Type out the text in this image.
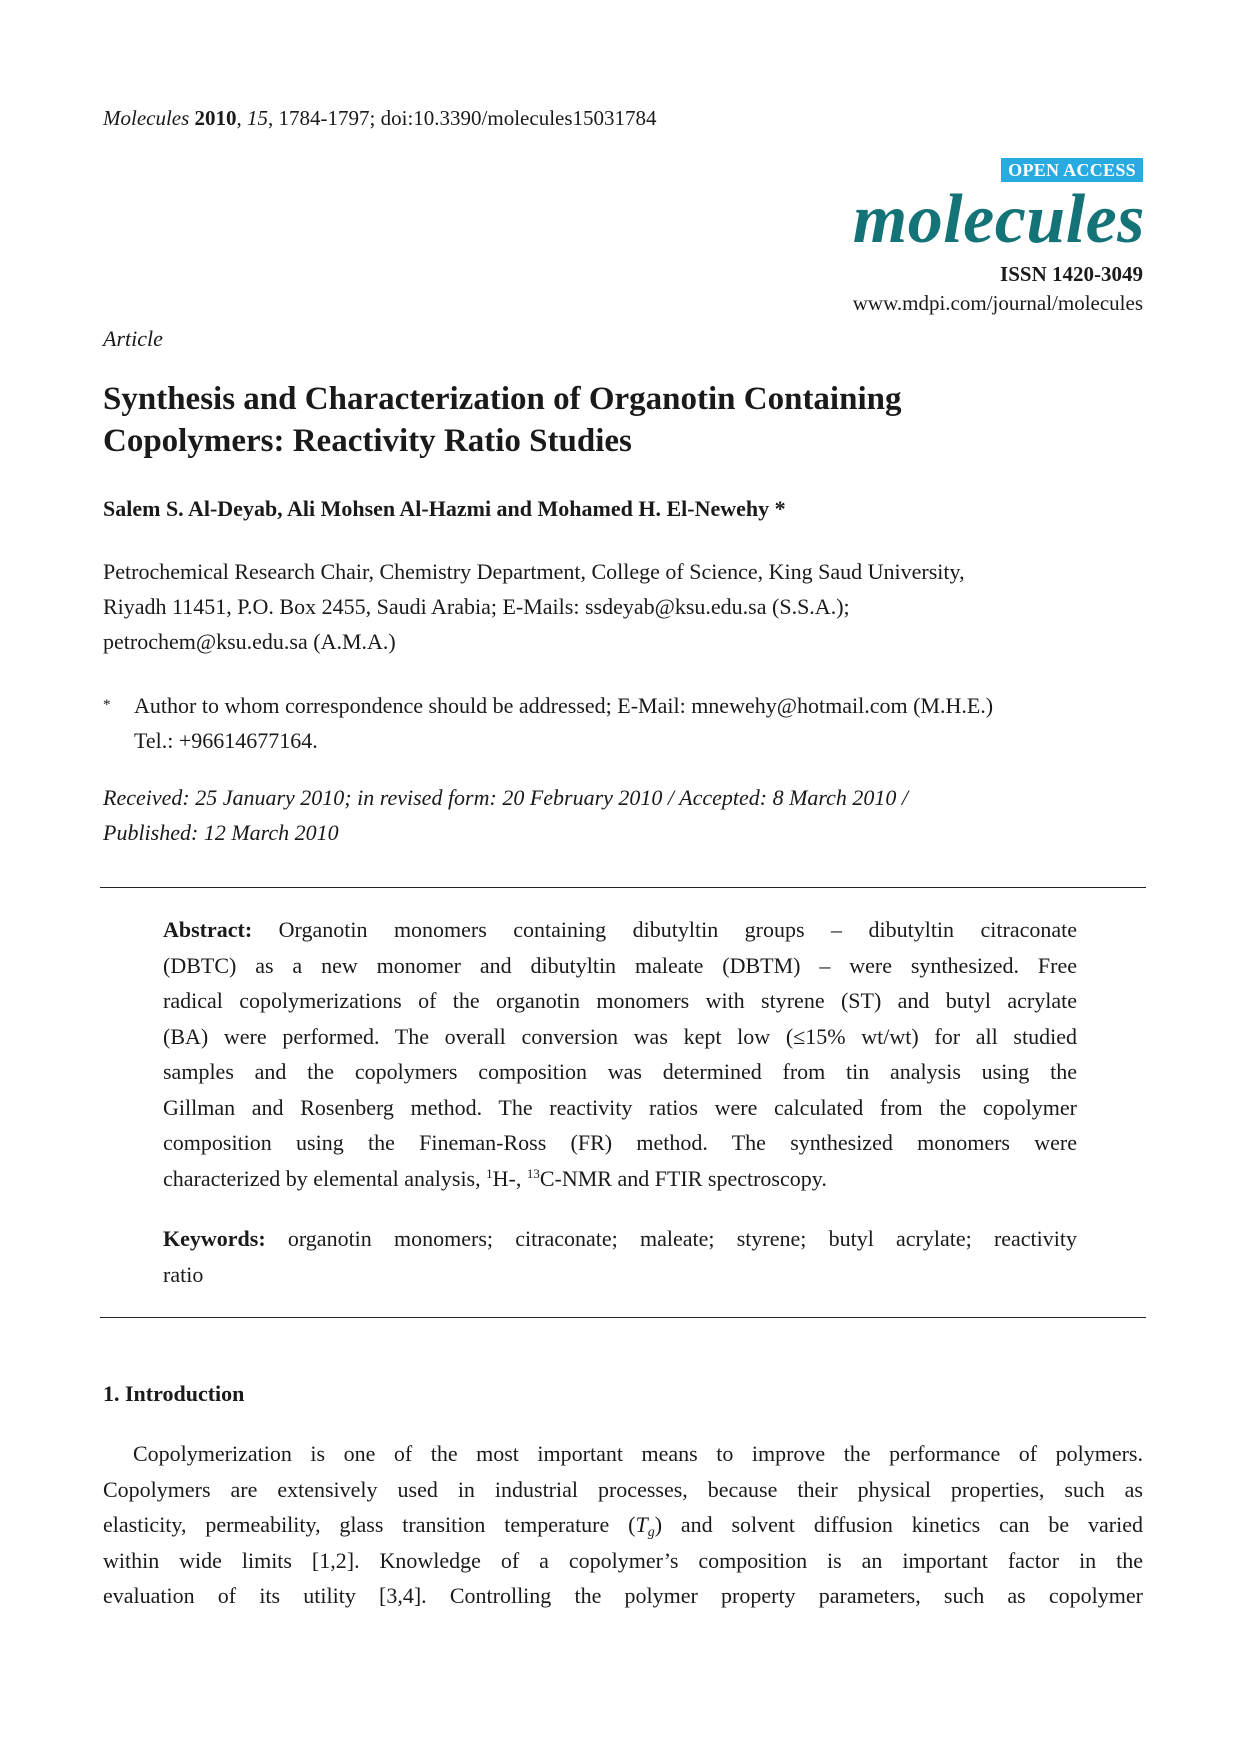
Molecules 2010, 15, 1784-1797; doi:10.3390/molecules15031784
OPEN ACCESS
molecules
ISSN 1420-3049
www.mdpi.com/journal/molecules
Article
Synthesis and Characterization of Organotin Containing
Copolymers: Reactivity Ratio Studies
Salem S. Al-Deyab, Ali Mohsen Al-Hazmi and Mohamed H. El-Newehy *
Petrochemical Research Chair, Chemistry Department, College of Science, King Saud University,
Riyadh 11451, P.O. Box 2455, Saudi Arabia; E-Mails: ssdeyab@ksu.edu.sa (S.S.A.);
petrochem@ksu.edu.sa (A.M.A.)
*	Author to whom correspondence should be addressed; E-Mail: mnewehy@hotmail.com (M.H.E.)
Tel.: +96614677164.
Received: 25 January 2010; in revised form: 20 February 2010 / Accepted: 8 March 2010 /
Published: 12 March 2010
Abstract: Organotin monomers containing dibutyltin groups – dibutyltin citraconate
(DBTC) as a new monomer and dibutyltin maleate (DBTM) – were synthesized. Free
radical copolymerizations of the organotin monomers with styrene (ST) and butyl acrylate
(BA) were performed. The overall conversion was kept low (≤15% wt/wt) for all studied
samples and the copolymers composition was determined from tin analysis using the
Gillman and Rosenberg method. The reactivity ratios were calculated from the copolymer
composition using the Fineman-Ross (FR) method. The synthesized monomers were
characterized by elemental analysis, $^1$H-, $^{13}$C-NMR and FTIR spectroscopy.
Keywords: organotin monomers; citraconate; maleate; styrene; butyl acrylate; reactivity
ratio
1. Introduction
Copolymerization is one of the most important means to improve the performance of polymers.
Copolymers are extensively used in industrial processes, because their physical properties, such as
elasticity, permeability, glass transition temperature $(T_g)$ and solvent diffusion kinetics can be varied
within wide limits [1,2]. Knowledge of a copolymer’s composition is an important factor in the
evaluation of its utility [3,4]. Controlling the polymer property parameters, such as copolymer
